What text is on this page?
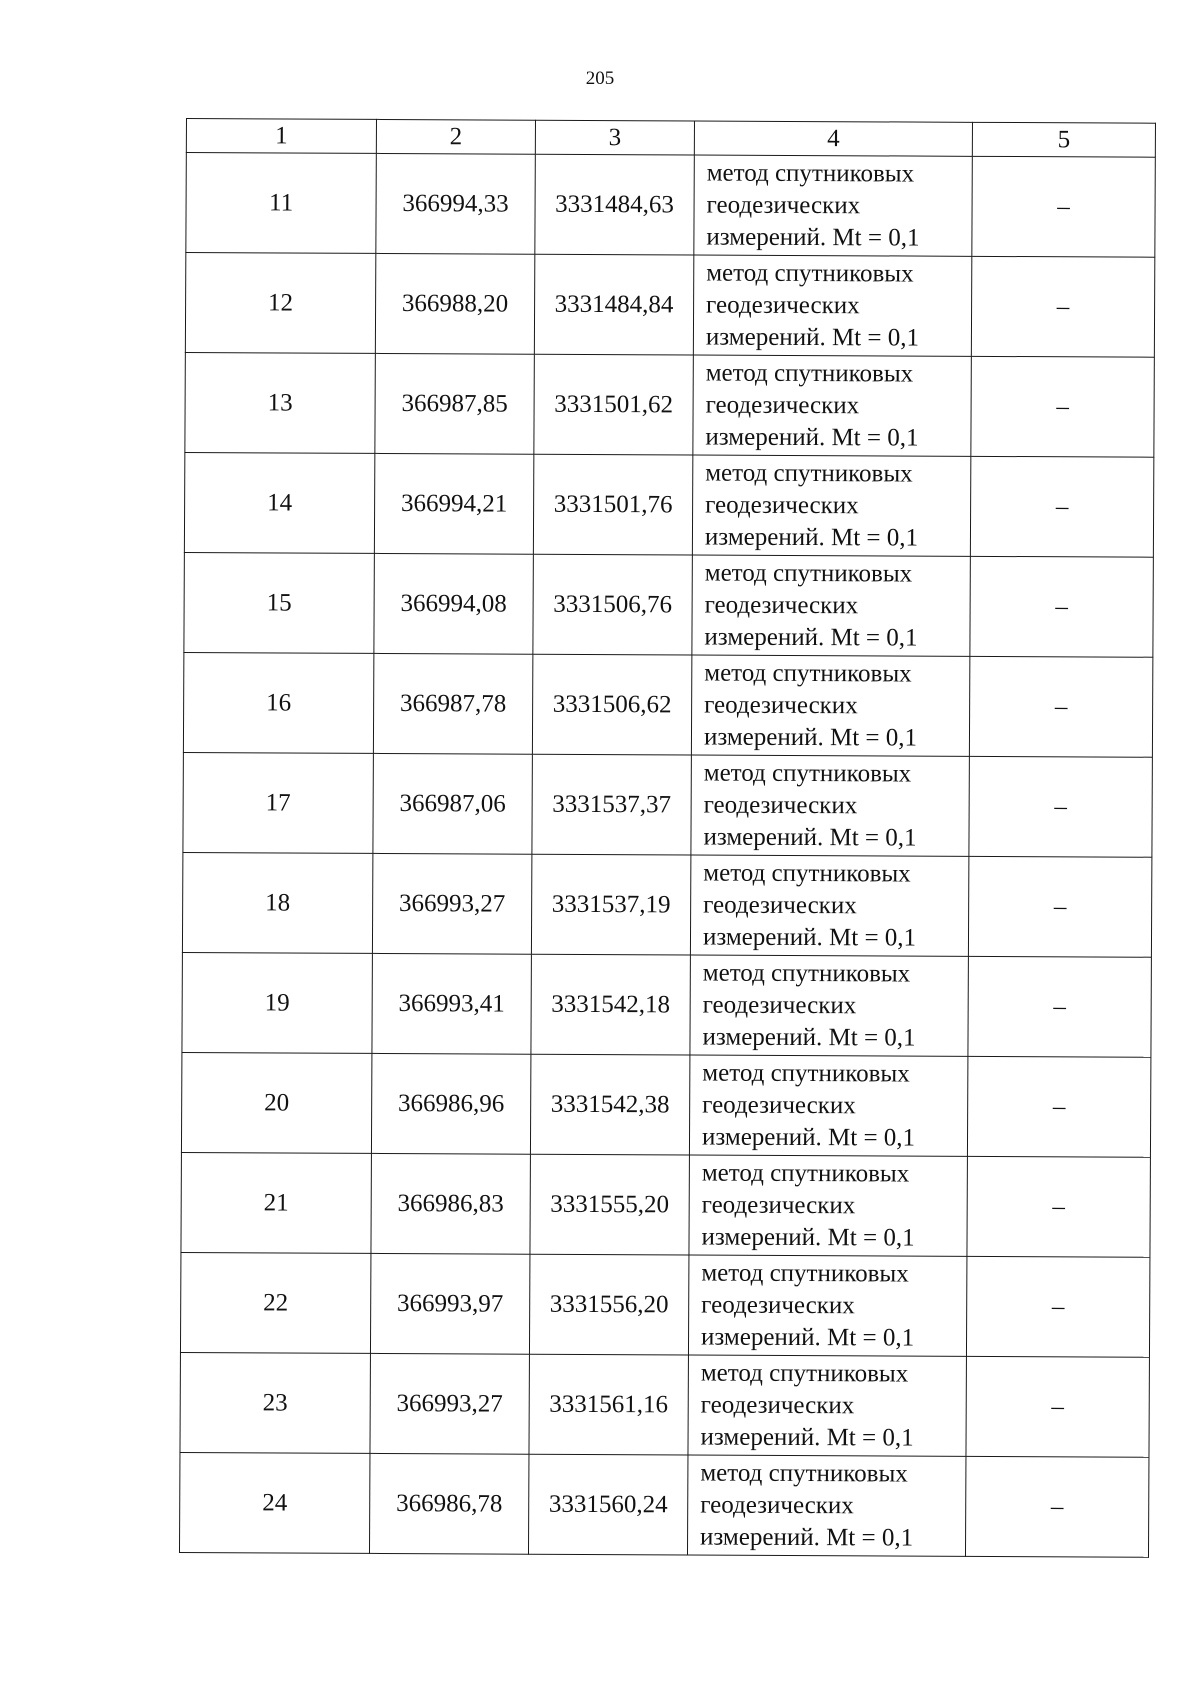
205
1	2	3	4	5
11	366994,33	3331484,63	метод спутниковых
геодезических
измерений. Mt = 0,1	–
12	366988,20	3331484,84	метод спутниковых
геодезических
измерений. Mt = 0,1	–
13	366987,85	3331501,62	метод спутниковых
геодезических
измерений. Mt = 0,1	–
14	366994,21	3331501,76	метод спутниковых
геодезических
измерений. Mt = 0,1	–
15	366994,08	3331506,76	метод спутниковых
геодезических
измерений. Mt = 0,1	–
16	366987,78	3331506,62	метод спутниковых
геодезических
измерений. Mt = 0,1	–
17	366987,06	3331537,37	метод спутниковых
геодезических
измерений. Mt = 0,1	–
18	366993,27	3331537,19	метод спутниковых
геодезических
измерений. Mt = 0,1	–
19	366993,41	3331542,18	метод спутниковых
геодезических
измерений. Mt = 0,1	–
20	366986,96	3331542,38	метод спутниковых
геодезических
измерений. Mt = 0,1	–
21	366986,83	3331555,20	метод спутниковых
геодезических
измерений. Mt = 0,1	–
22	366993,97	3331556,20	метод спутниковых
геодезических
измерений. Mt = 0,1	–
23	366993,27	3331561,16	метод спутниковых
геодезических
измерений. Mt = 0,1	–
24	366986,78	3331560,24	метод спутниковых
геодезических
измерений. Mt = 0,1	–
